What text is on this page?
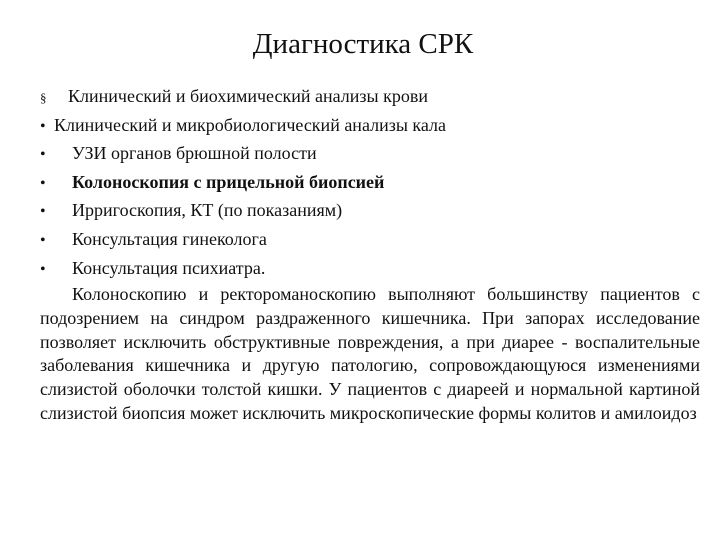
Диагностика СРК
§	Клинический и биохимический анализы крови
• Клинический и микробиологический анализы кала
•	УЗИ органов брюшной полости
•	Колоноскопия с прицельной биопсией
•	Ирригоскопия, КТ (по показаниям)
•	Консультация гинеколога
•	Консультация психиатра.

Колоноскопию и ректороманоскопию выполняют большинству пациентов с подозрением на синдром раздраженного кишечника. При запорах исследование позволяет исключить обструктивные повреждения, а при диарее - воспалительные заболевания кишечника и другую патологию, сопровождающуюся изменениями слизистой оболочки толстой кишки. У пациентов с диареей и нормальной картиной слизистой биопсия может исключить микроскопические формы колитов и амилоидоз
